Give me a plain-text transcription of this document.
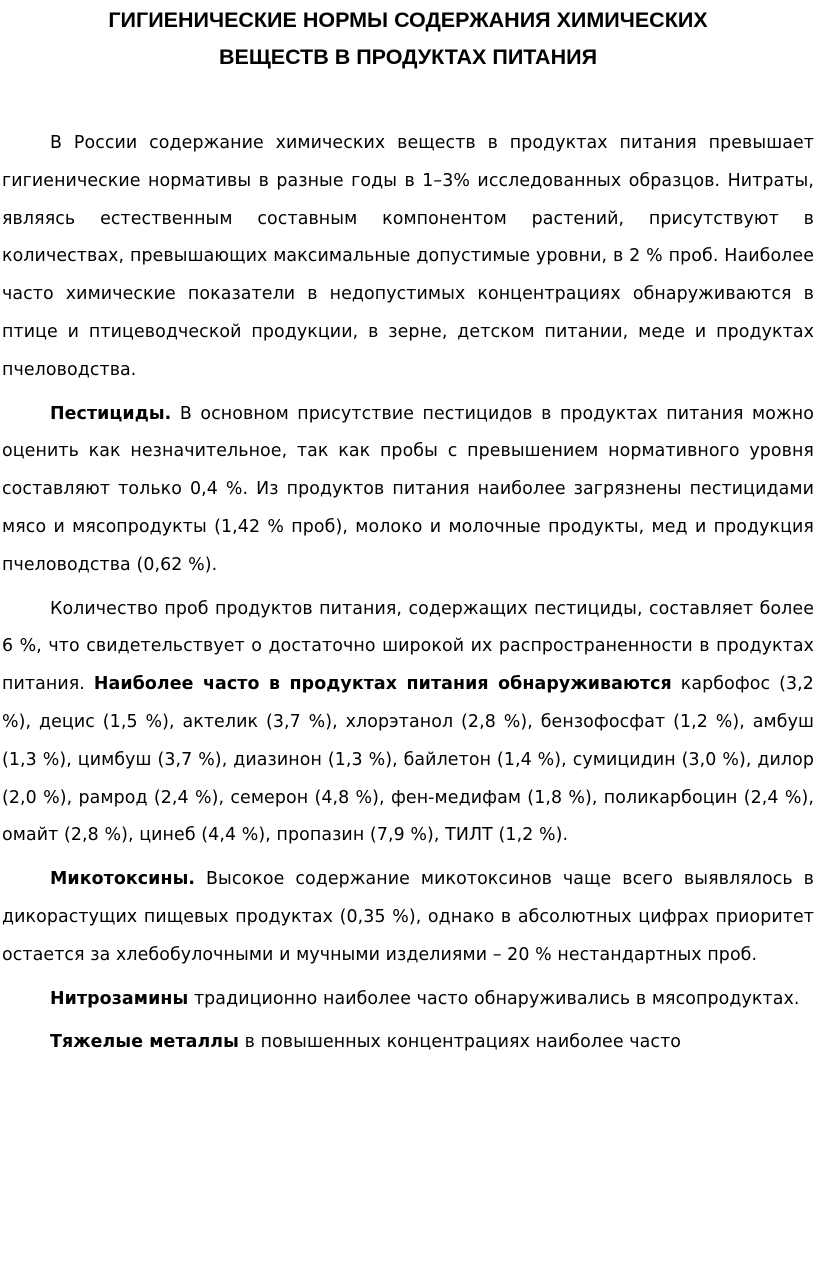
ГИГИЕНИЧЕСКИЕ НОРМЫ СОДЕРЖАНИЯ ХИМИЧЕСКИХ
ВЕЩЕСТВ В ПРОДУКТАХ ПИТАНИЯ

В России содержание химических веществ в продуктах питания превышает гигиенические нормативы в разные годы в 1–3% исследованных образцов. Нитраты, являясь естественным составным компонентом растений, присутствуют в количествах, превышающих максимальные допустимые уровни, в 2 % проб. Наиболее часто химические показатели в недопустимых концентрациях обнаруживаются в птице и птицеводческой продукции, в зерне, детском питании, меде и продуктах пчеловодства.

Пестициды. В основном присутствие пестицидов в продуктах питания можно оценить как незначительное, так как пробы с превышением нормативного уровня составляют только 0,4 %. Из продуктов питания наиболее загрязнены пестицидами мясо и мясопродукты (1,42 % проб), молоко и молочные продукты, мед и продукция пчеловодства (0,62 %).

Количество проб продуктов питания, содержащих пестициды, составляет более 6 %, что свидетельствует о достаточно широкой их распространенности в продуктах питания. Наиболее часто в продуктах питания обнаруживаются карбофос (3,2 %), децис (1,5 %), актелик (3,7 %), хлорэтанол (2,8 %), бензофосфат (1,2 %), амбуш (1,3 %), цимбуш (3,7 %), диазинон (1,3 %), байлетон (1,4 %), сумицидин (3,0 %), дилор (2,0 %), рамрод (2,4 %), семерон (4,8 %), фен-медифам (1,8 %), поликарбоцин (2,4 %), омайт (2,8 %), цинеб (4,4 %), пропазин (7,9 %), ТИЛТ (1,2 %).

Микотоксины. Высокое содержание микотоксинов чаще всего выявлялось в дикорастущих пищевых продуктах (0,35 %), однако в абсолютных цифрах приоритет остается за хлебобулочными и мучными изделиями – 20 % нестандартных проб.

Нитрозамины традиционно наиболее часто обнаруживались в мясопродуктах.

Тяжелые металлы в повышенных концентрациях наиболее часто
